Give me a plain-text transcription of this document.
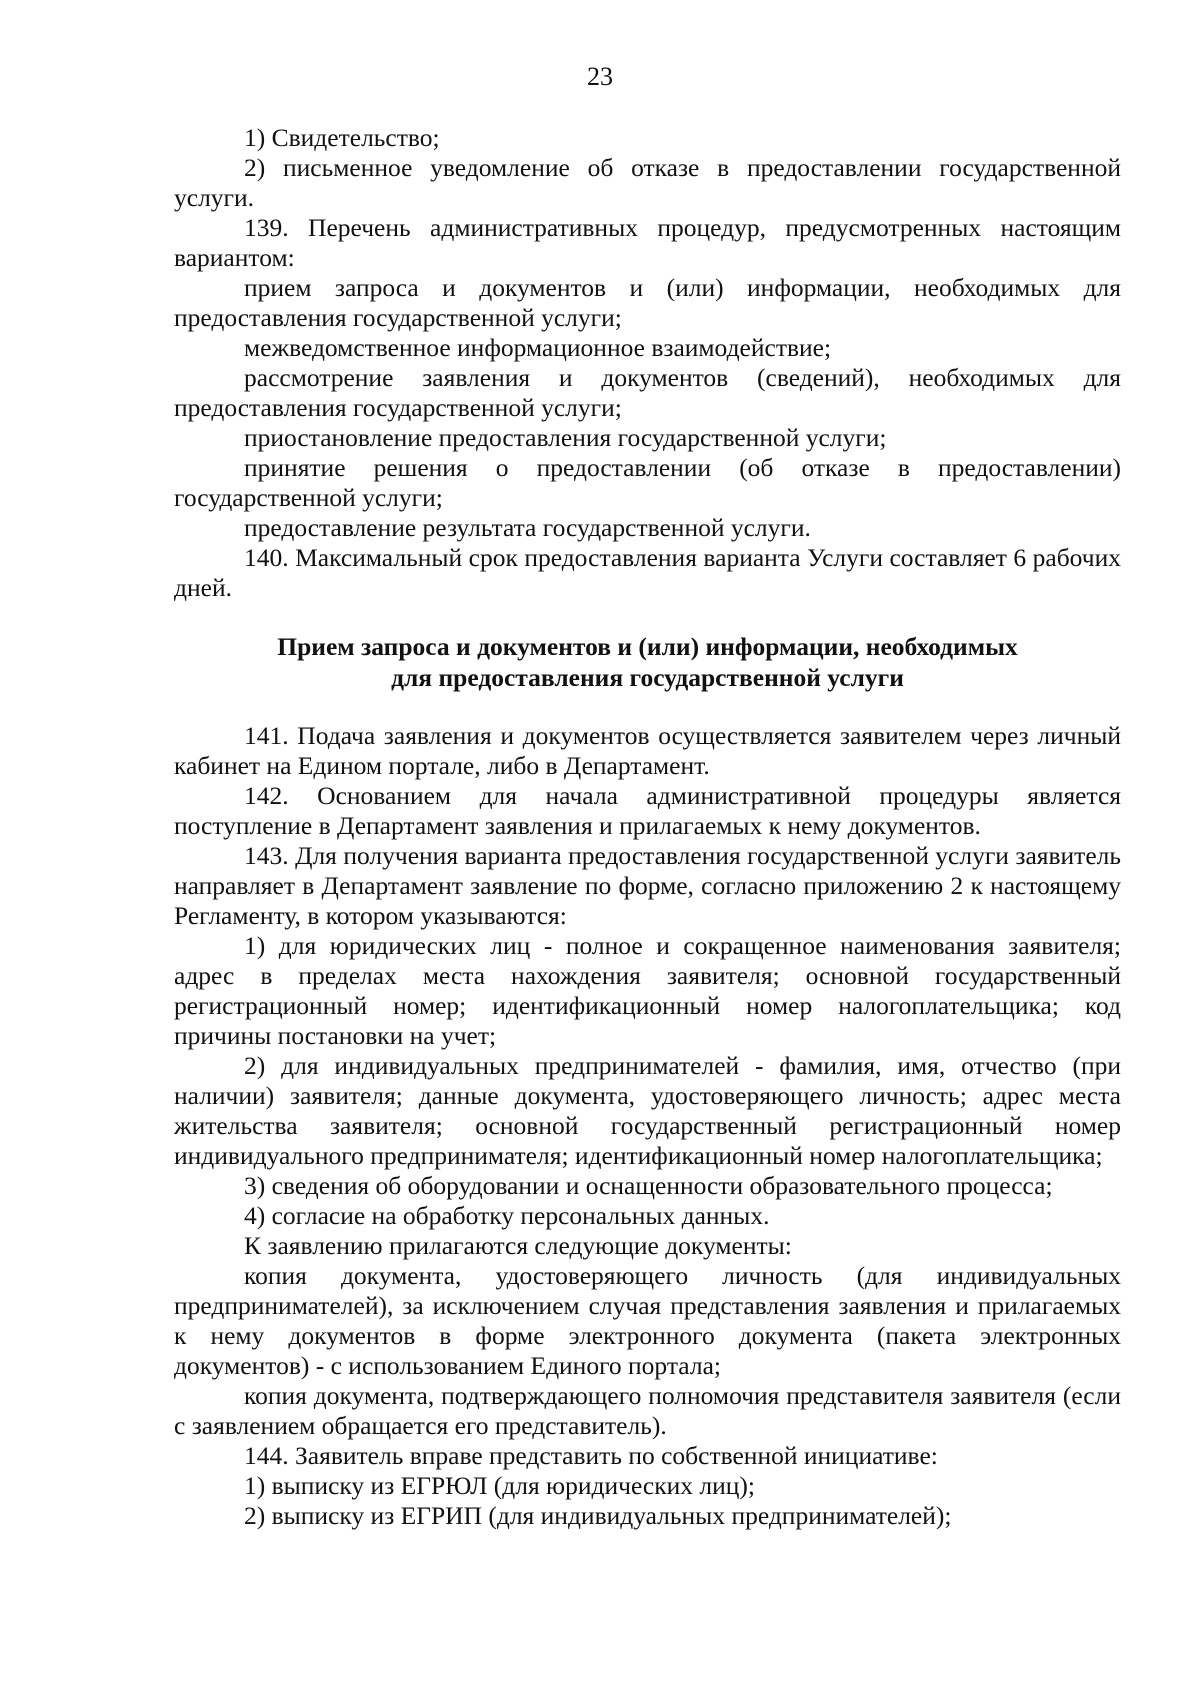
23

1) Свидетельство;

2) письменное уведомление об отказе в предоставлении государственной услуги.

139. Перечень административных процедур, предусмотренных настоящим вариантом:

прием запроса и документов и (или) информации, необходимых для предоставления государственной услуги;

межведомственное информационное взаимодействие;

рассмотрение заявления и документов (сведений), необходимых для предоставления государственной услуги;

приостановление предоставления государственной услуги;

принятие решения о предоставлении (об отказе в предоставлении) государственной услуги;

предоставление результата государственной услуги.

140. Максимальный срок предоставления варианта Услуги составляет 6 рабочих дней.

Прием запроса и документов и (или) информации, необходимых
для предоставления государственной услуги

141. Подача заявления и документов осуществляется заявителем через личный кабинет на Едином портале, либо в Департамент.

142. Основанием для начала административной процедуры является поступление в Департамент заявления и прилагаемых к нему документов.

143. Для получения варианта предоставления государственной услуги заявитель направляет в Департамент заявление по форме, согласно приложению 2 к настоящему Регламенту, в котором указываются:

1) для юридических лиц - полное и сокращенное наименования заявителя; адрес в пределах места нахождения заявителя; основной государственный регистрационный номер; идентификационный номер налогоплательщика; код причины постановки на учет;

2) для индивидуальных предпринимателей - фамилия, имя, отчество (при наличии) заявителя; данные документа, удостоверяющего личность; адрес места жительства заявителя; основной государственный регистрационный номер индивидуального предпринимателя; идентификационный номер налогоплательщика;

3) сведения об оборудовании и оснащенности образовательного процесса;

4) согласие на обработку персональных данных.

К заявлению прилагаются следующие документы:

копия документа, удостоверяющего личность (для индивидуальных предпринимателей), за исключением случая представления заявления и прилагаемых к нему документов в форме электронного документа (пакета электронных документов) - с использованием Единого портала;

копия документа, подтверждающего полномочия представителя заявителя (если с заявлением обращается его представитель).

144. Заявитель вправе представить по собственной инициативе:

1) выписку из ЕГРЮЛ (для юридических лиц);

2) выписку из ЕГРИП (для индивидуальных предпринимателей);
